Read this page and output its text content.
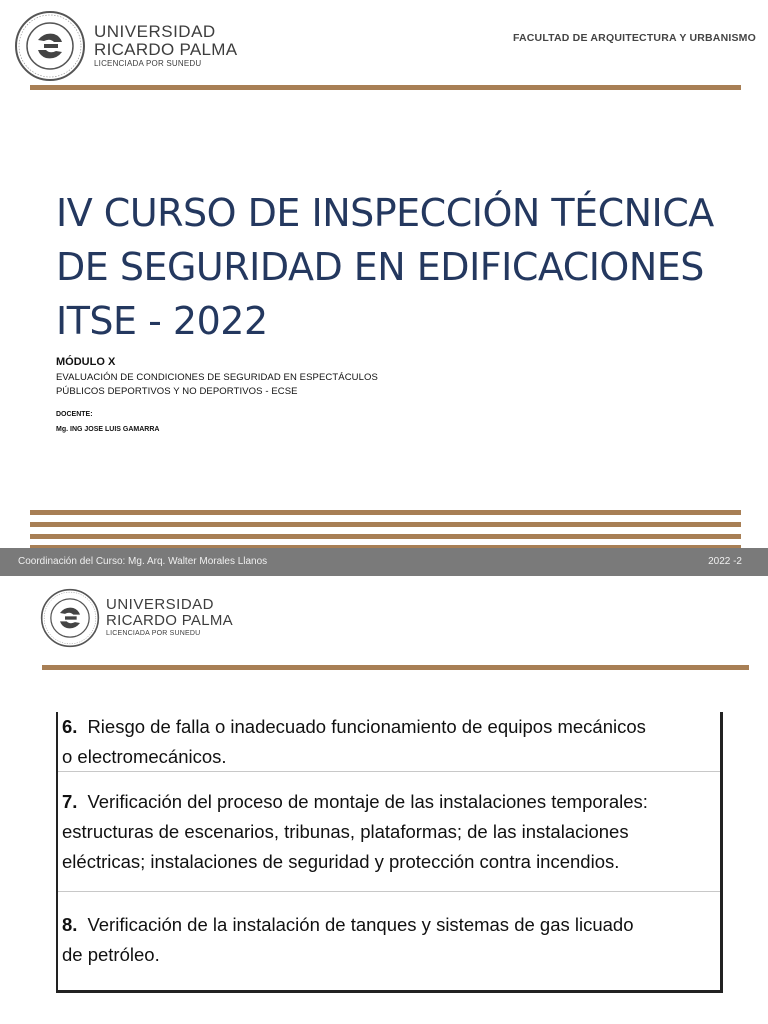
UNIVERSIDAD
RICARDO PALMA
LICENCIADA POR SUNEDU
FACULTAD DE ARQUITECTURA Y URBANISMO
IV CURSO DE INSPECCIÓN TÉCNICA
DE SEGURIDAD EN EDIFICACIONES
ITSE - 2022
MÓDULO X
EVALUACIÓN DE CONDICIONES DE SEGURIDAD EN ESPECTÁCULOS
PÚBLICOS DEPORTIVOS Y NO DEPORTIVOS - ECSE
DOCENTE:
Mg. ING JOSE LUIS GAMARRA
Coordinación del Curso: Mg. Arq. Walter Morales Llanos	2022 -2
UNIVERSIDAD
RICARDO PALMA
LICENCIADA POR SUNEDU
6. Riesgo de falla o inadecuado funcionamiento de equipos mecánicos
o electromecánicos.
7. Verificación del proceso de montaje de las instalaciones temporales:
estructuras de escenarios, tribunas, plataformas; de las instalaciones
eléctricas; instalaciones de seguridad y protección contra incendios.
8. Verificación de la instalación de tanques y sistemas de gas licuado
de petróleo.
